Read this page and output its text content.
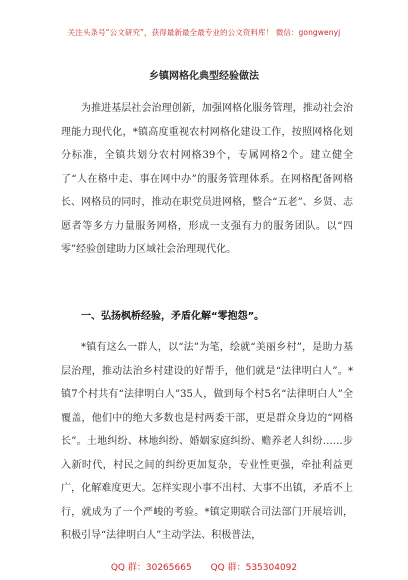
关注头条号“公文研究”，获得最新最全最专业的公文资料库！ 微信：gongwenyj
乡镇网格化典型经验做法

为推进基层社会治理创新，加强网格化服务管理，推动社会治理能力现代化，*镇高度重视农村网格化建设工作，按照网格化划分标准，全镇共划分农村网格39个，专属网格2个。建立健全了“人在格中走、事在网中办”的服务管理体系。在网格配备网格长、网格员的同时，推动在职党员进网格，整合“五老”、乡贤、志愿者等多方力量服务网格，形成一支强有力的服务团队。以“四零”经验创建助力区域社会治理现代化。

一、弘扬枫桥经验，矛盾化解“零抱怨”。

*镇有这么一群人，以“法”为笔，绘就“美丽乡村”，是助力基层治理，推动法治乡村建设的好帮手，他们就是“法律明白人”。*镇7个村共有“法律明白人”35人，做到每个村5名“法律明白人”全覆盖，他们中的绝大多数也是村两委干部，更是群众身边的“网格长”。土地纠纷、林地纠纷、婚姻家庭纠纷、赡养老人纠纷……步入新时代，村民之间的纠纷更加复杂，专业性更强，牵扯利益更广，化解难度更大。怎样实现小事不出村、大事不出镇，矛盾不上行，就成为了一个严峻的考验。*镇定期联合司法部门开展培训，积极引导“法律明白人”主动学法、积极普法，

QQ 群：30265665 QQ 群：535304092
